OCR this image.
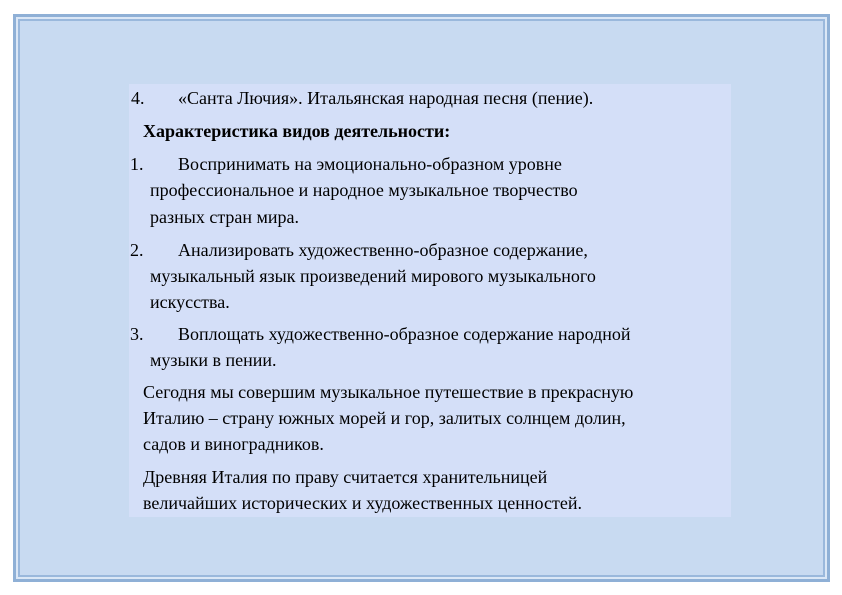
4. «Санта Лючия». Итальянская народная песня (пение).
Характеристика видов деятельности:
1. Воспринимать на эмоционально-образном уровне
профессиональное и народное музыкальное творчество
разных стран мира.
2. Анализировать художественно-образное содержание,
музыкальный язык произведений мирового музыкального
искусства.
3. Воплощать художественно-образное содержание народной
музыки в пении.
Сегодня мы совершим музыкальное путешествие в прекрасную
Италию – страну южных морей и гор, залитых солнцем долин,
садов и виноградников.
Древняя Италия по праву считается хранительницей
величайших исторических и художественных ценностей.
